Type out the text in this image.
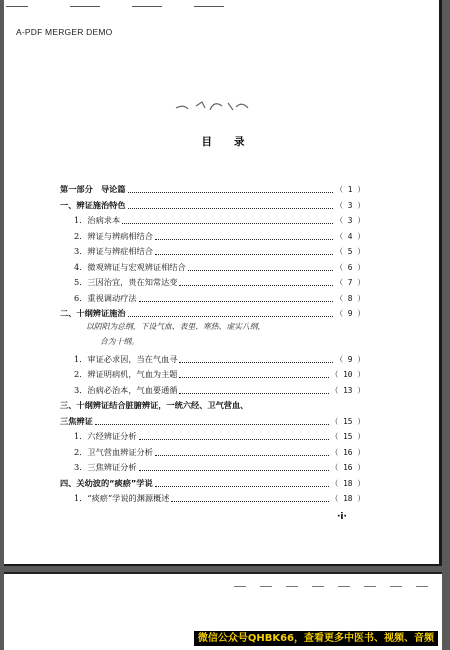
A-PDF MERGER DEMO
目录
第一部分　导论篇	（ 1 ）
一、辨证施治特色	（ 3 ）
1．治病求本	（ 3 ）
2．辨证与辨病相结合	（ 4 ）
3．辨证与辨症相结合	（ 5 ）
4．微观辨证与宏观辨证相结合	（ 6 ）
5．三因治宜，贵在知常达变	（ 7 ）
6．重视调动疗法	（ 8 ）
二、十纲辨证施治	（ 9 ）
1．审证必求因，当在气血寻	（ 9 ）
2．辨证明病机，气血为主题	（ 10 ）
3．治病必治本，气血要通循	（ 13 ）
三、十纲辨证结合脏腑辨证，一统六经、卫气营血、
三焦辨证	（ 15 ）
1．六经辨证分析	（ 15 ）
2．卫气营血辨证分析	（ 16 ）
3．三焦辨证分析	（ 16 ）
四、关幼波的“痰瘀”学说	（ 18 ）
1．“痰瘀”学说的渊源概述	（ 18 ）
以阴阳为总纲，下设气血、表里、寒热、虚实八纲，
合为十纲。
·i·
微信公众号QHBK66，查看更多中医书、视频、音频
